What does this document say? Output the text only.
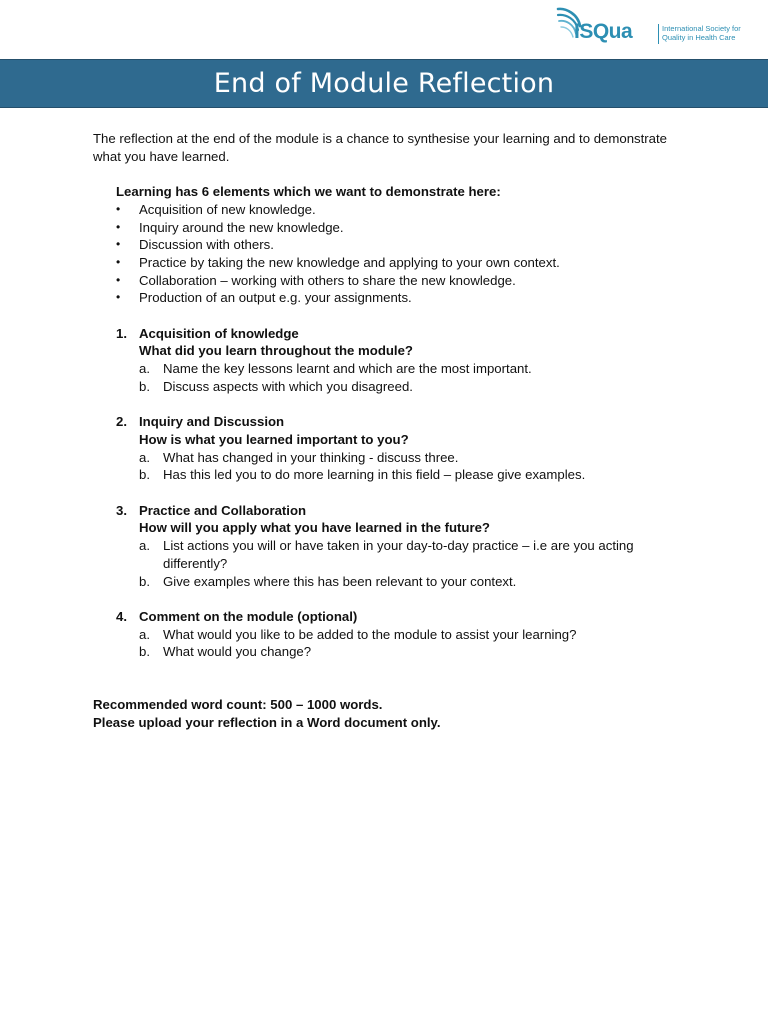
ISQua	International Society for
Quality in Health Care
End of Module Reflection

The reflection at the end of the module is a chance to synthesise your learning and to demonstrate what you have learned.

Learning has 6 elements which we want to demonstrate here:
• Acquisition of new knowledge.
• Inquiry around the new knowledge.
• Discussion with others.
• Practice by taking the new knowledge and applying to your own context.
• Collaboration – working with others to share the new knowledge.
• Production of an output e.g. your assignments.
1. Acquisition of knowledge
What did you learn throughout the module?
a. Name the key lessons learnt and which are the most important.
b. Discuss aspects with which you disagreed.
2. Inquiry and Discussion
How is what you learned important to you?
a. What has changed in your thinking - discuss three.
b. Has this led you to do more learning in this field – please give examples.
3. Practice and Collaboration
How will you apply what you have learned in the future?
a. List actions you will or have taken in your day-to-day practice – i.e are you acting differently?
b. Give examples where this has been relevant to your context.
4. Comment on the module (optional)
a. What would you like to be added to the module to assist your learning?
b. What would you change?
Recommended word count: 500 – 1000 words.
Please upload your reflection in a Word document only.
